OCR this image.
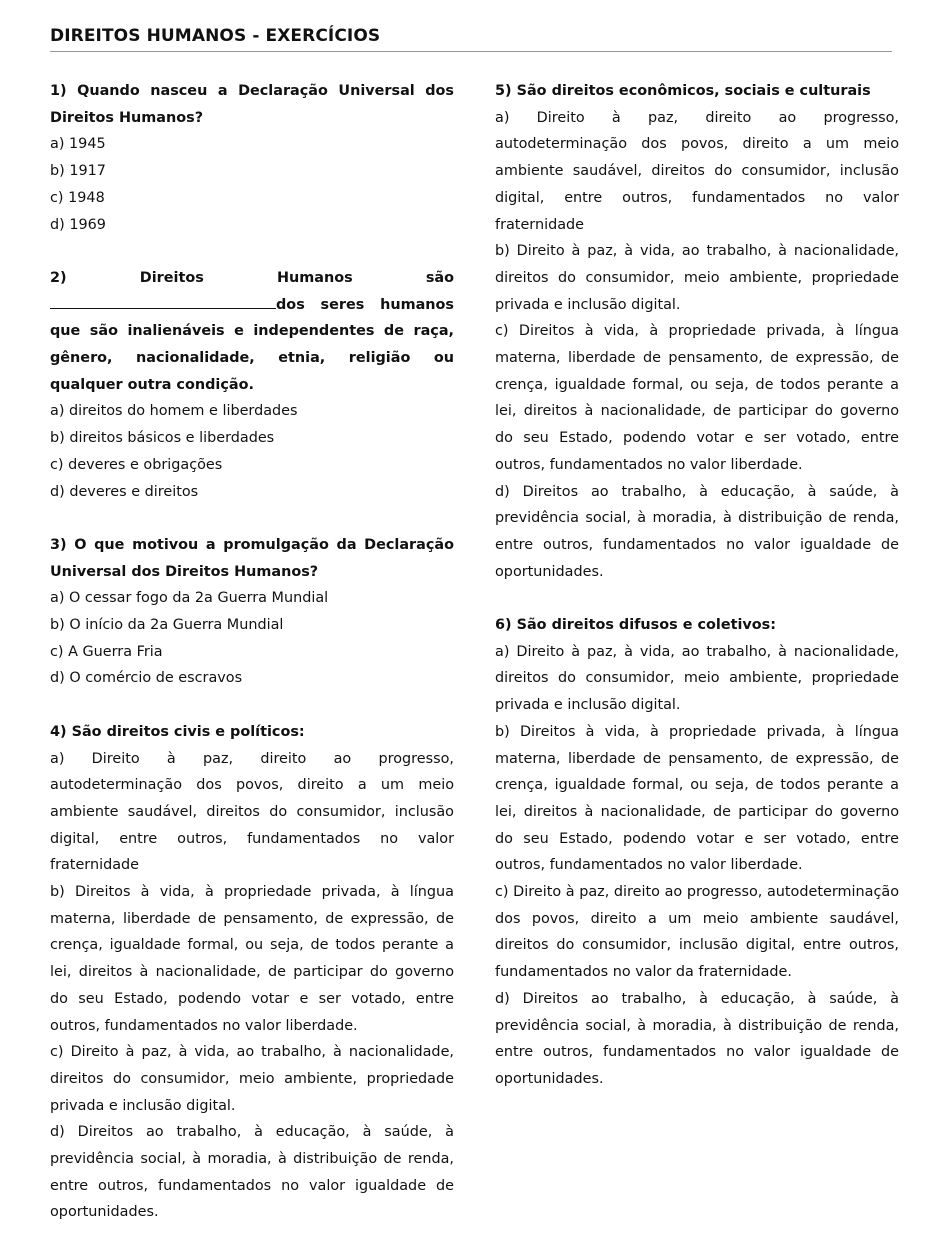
DIREITOS HUMANOS - EXERCÍCIOS

1) Quando nasceu a Declaração Universal dos Direitos Humanos?

a) 1945

b) 1917

c) 1948

d) 1969

2) Direitos Humanos são dos seres humanos que são inalienáveis e independentes de raça, gênero, nacionalidade, etnia, religião ou qualquer outra condição.

a) direitos do homem e liberdades

b) direitos básicos e liberdades

c) deveres e obrigações

d) deveres e direitos

3) O que motivou a promulgação da Declaração Universal dos Direitos Humanos?

a) O cessar fogo da 2a Guerra Mundial

b) O início da 2a Guerra Mundial

c) A Guerra Fria

d) O comércio de escravos

4) São direitos civis e políticos:

a) Direito à paz, direito ao progresso, autodeterminação dos povos, direito a um meio ambiente saudável, direitos do consumidor, inclusão digital, entre outros, fundamentados no valor fraternidade

b) Direitos à vida, à propriedade privada, à língua materna, liberdade de pensamento, de expressão, de crença, igualdade formal, ou seja, de todos perante a lei, direitos à nacionalidade, de participar do governo do seu Estado, podendo votar e ser votado, entre outros, fundamentados no valor liberdade.

c) Direito à paz, à vida, ao trabalho, à nacionalidade, direitos do consumidor, meio ambiente, propriedade privada e inclusão digital.

d) Direitos ao trabalho, à educação, à saúde, à previdência social, à moradia, à distribuição de renda, entre outros, fundamentados no valor igualdade de oportunidades.

5) São direitos econômicos, sociais e culturais

a) Direito à paz, direito ao progresso, autodeterminação dos povos, direito a um meio ambiente saudável, direitos do consumidor, inclusão digital, entre outros, fundamentados no valor fraternidade

b) Direito à paz, à vida, ao trabalho, à nacionalidade, direitos do consumidor, meio ambiente, propriedade privada e inclusão digital.

c) Direitos à vida, à propriedade privada, à língua materna, liberdade de pensamento, de expressão, de crença, igualdade formal, ou seja, de todos perante a lei, direitos à nacionalidade, de participar do governo do seu Estado, podendo votar e ser votado, entre outros, fundamentados no valor liberdade.

d) Direitos ao trabalho, à educação, à saúde, à previdência social, à moradia, à distribuição de renda, entre outros, fundamentados no valor igualdade de oportunidades.

6) São direitos difusos e coletivos:

a) Direito à paz, à vida, ao trabalho, à nacionalidade, direitos do consumidor, meio ambiente, propriedade privada e inclusão digital.

b) Direitos à vida, à propriedade privada, à língua materna, liberdade de pensamento, de expressão, de crença, igualdade formal, ou seja, de todos perante a lei, direitos à nacionalidade, de participar do governo do seu Estado, podendo votar e ser votado, entre outros, fundamentados no valor liberdade.

c) Direito à paz, direito ao progresso, autodeterminação dos povos, direito a um meio ambiente saudável, direitos do consumidor, inclusão digital, entre outros, fundamentados no valor da fraternidade.

d) Direitos ao trabalho, à educação, à saúde, à previdência social, à moradia, à distribuição de renda, entre outros, fundamentados no valor igualdade de oportunidades.
